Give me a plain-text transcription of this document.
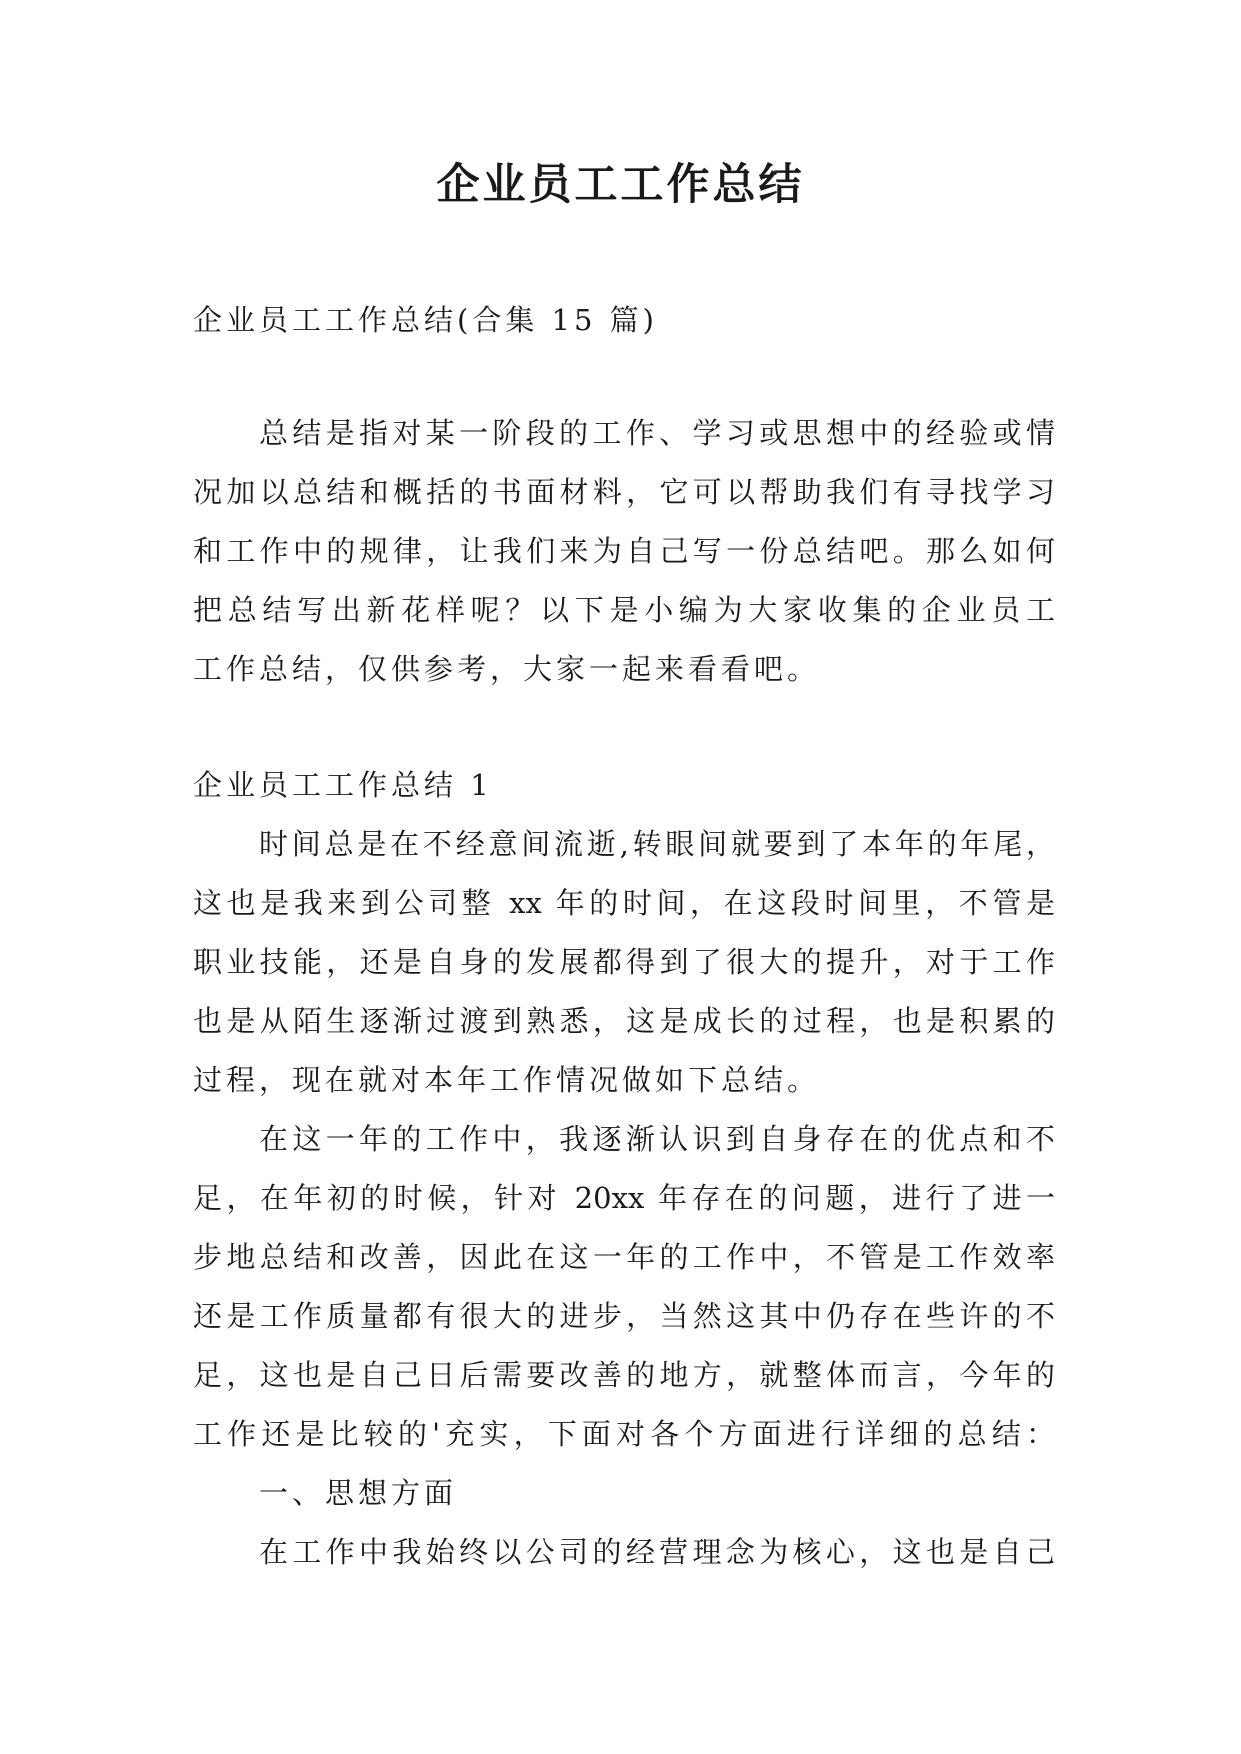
企业员工工作总结
企业员工工作总结(合集 15 篇)
总结是指对某一阶段的工作、学习或思想中的经验或情
况加以总结和概括的书面材料，它可以帮助我们有寻找学习
和工作中的规律，让我们来为自己写一份总结吧。那么如何
把总结写出新花样呢？以下是小编为大家收集的企业员工
工作总结，仅供参考，大家一起来看看吧。
企业员工工作总结 1
时间总是在不经意间流逝,转眼间就要到了本年的年尾，
这也是我来到公司整 xx 年的时间，在这段时间里，不管是
职业技能，还是自身的发展都得到了很大的提升，对于工作
也是从陌生逐渐过渡到熟悉，这是成长的过程，也是积累的
过程，现在就对本年工作情况做如下总结。
在这一年的工作中，我逐渐认识到自身存在的优点和不
足，在年初的时候，针对 20xx 年存在的问题，进行了进一
步地总结和改善，因此在这一年的工作中，不管是工作效率
还是工作质量都有很大的进步，当然这其中仍存在些许的不
足，这也是自己日后需要改善的地方，就整体而言，今年的
工作还是比较的'充实，下面对各个方面进行详细的总结：
一、思想方面
在工作中我始终以公司的经营理念为核心，这也是自己
